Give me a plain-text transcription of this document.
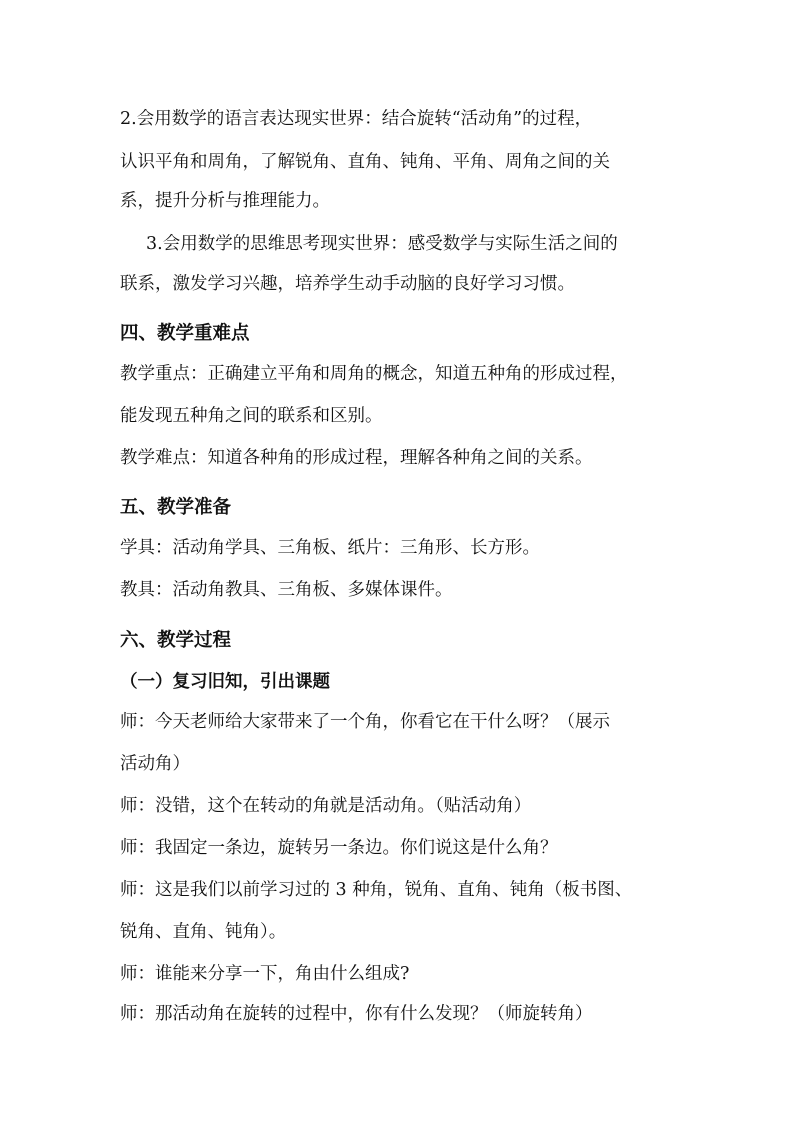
2.会用数学的语言表达现实世界：结合旋转“活动角”的过程，

认识平角和周角，了解锐角、直角、钝角、平角、周角之间的关

系，提升分析与推理能力。

3.会用数学的思维思考现实世界：感受数学与实际生活之间的

联系，激发学习兴趣，培养学生动手动脑的良好学习习惯。

四、教学重难点

教学重点：正确建立平角和周角的概念，知道五种角的形成过程，

能发现五种角之间的联系和区别。

教学难点：知道各种角的形成过程，理解各种角之间的关系。

五、教学准备

学具：活动角学具、三角板、纸片：三角形、长方形。

教具：活动角教具、三角板、多媒体课件。

六、教学过程
（一）复习旧知，引出课题

师：今天老师给大家带来了一个角，你看它在干什么呀？（展示

活动角）

师：没错，这个在转动的角就是活动角。（贴活动角）

师：我固定一条边，旋转另一条边。你们说这是什么角？

师：这是我们以前学习过的 3 种角，锐角、直角、钝角（板书图、

锐角、直角、钝角）。

师：谁能来分享一下，角由什么组成?

师：那活动角在旋转的过程中，你有什么发现？（师旋转角）
